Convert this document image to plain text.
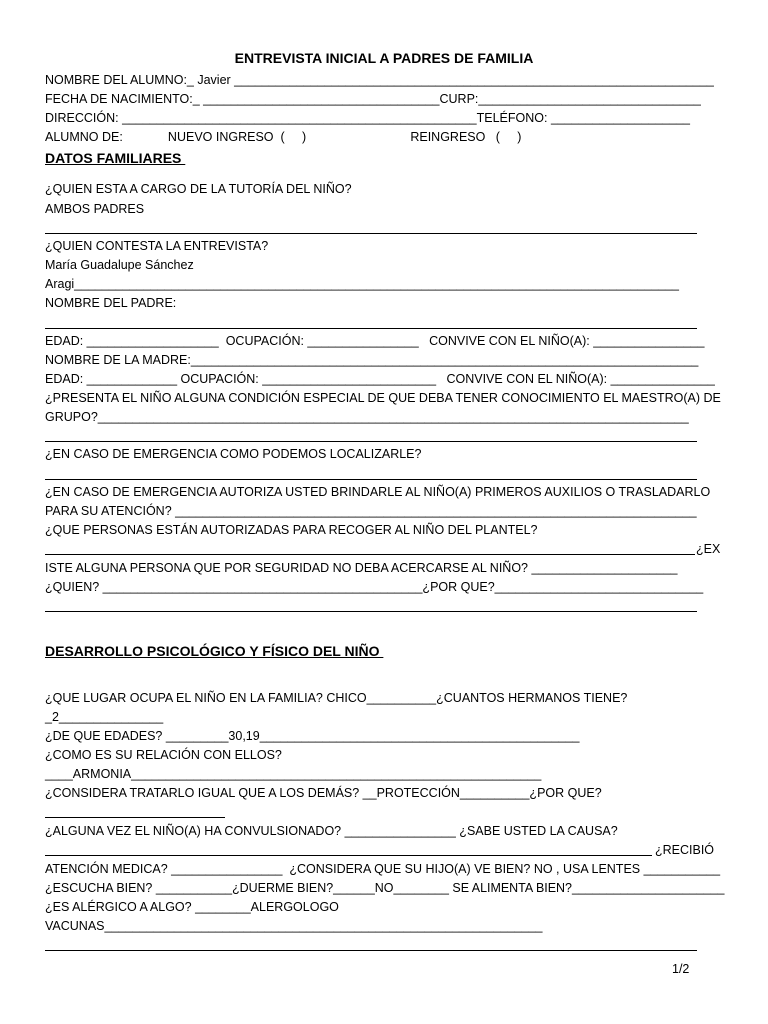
ENTREVISTA INICIAL A PADRES DE FAMILIA
NOMBRE DEL ALUMNO:_ Javier _____________________________________________________________________
FECHA DE NACIMIENTO:_ __________________________________CURP:________________________________
DIRECCIÓN: ___________________________________________________TELÉFONO: ____________________
ALUMNO DE:             NUEVO INGRESO  (     )                              REINGRESO   (     )
DATOS FAMILIARES
¿QUIEN ESTA A CARGO DE LA TUTORÍA DEL NIÑO?
AMBOS PADRES
¿QUIEN CONTESTA LA ENTREVISTA?
María Guadalupe Sánchez
Aragi_______________________________________________________________________________________
NOMBRE DEL PADRE:
EDAD: ___________________  OCUPACIÓN: ________________   CONVIVE CON EL NIÑO(A): ________________
NOMBRE DE LA MADRE:_________________________________________________________________________
EDAD: _____________ OCUPACIÓN: _________________________   CONVIVE CON EL NIÑO(A): _______________
¿PRESENTA EL NIÑO ALGUNA CONDICIÓN ESPECIAL DE QUE DEBA TENER CONOCIMIENTO EL MAESTRO(A) DE
GRUPO?_____________________________________________________________________________________
¿EN CASO DE EMERGENCIA COMO PODEMOS LOCALIZARLE?
¿EN CASO DE EMERGENCIA AUTORIZA USTED BRINDARLE AL NIÑO(A) PRIMEROS AUXILIOS O TRASLADARLO
PARA SU ATENCIÓN? ___________________________________________________________________________
¿QUE PERSONAS ESTÁN AUTORIZADAS PARA RECOGER AL NIÑO DEL PLANTEL?
¿EX
ISTE ALGUNA PERSONA QUE POR SEGURIDAD NO DEBA ACERCARSE AL NIÑO? _____________________
¿QUIEN? ______________________________________________¿POR QUE?______________________________
DESARROLLO PSICOLÓGICO Y FÍSICO DEL NIÑO
¿QUE LUGAR OCUPA EL NIÑO EN LA FAMILIA? CHICO__________¿CUANTOS HERMANOS TIENE?
_2_______________
¿DE QUE EDADES? _________30,19______________________________________________
¿COMO ES SU RELACIÓN CON ELLOS?
____ARMONIA___________________________________________________________
¿CONSIDERA TRATARLO IGUAL QUE A LOS DEMÁS? __PROTECCIÓN__________¿POR QUE?
¿ALGUNA VEZ EL NIÑO(A) HA CONVULSIONADO? ________________ ¿SABE USTED LA CAUSA?
¿RECIBIÓ
ATENCIÓN MEDICA? ________________  ¿CONSIDERA QUE SU HIJO(A) VE BIEN? NO , USA LENTES ___________
¿ESCUCHA BIEN? ___________¿DUERME BIEN?______NO________ SE ALIMENTA BIEN?______________________
¿ES ALÉRGICO A ALGO? ________ALERGOLOGO
VACUNAS_______________________________________________________________
1/2
